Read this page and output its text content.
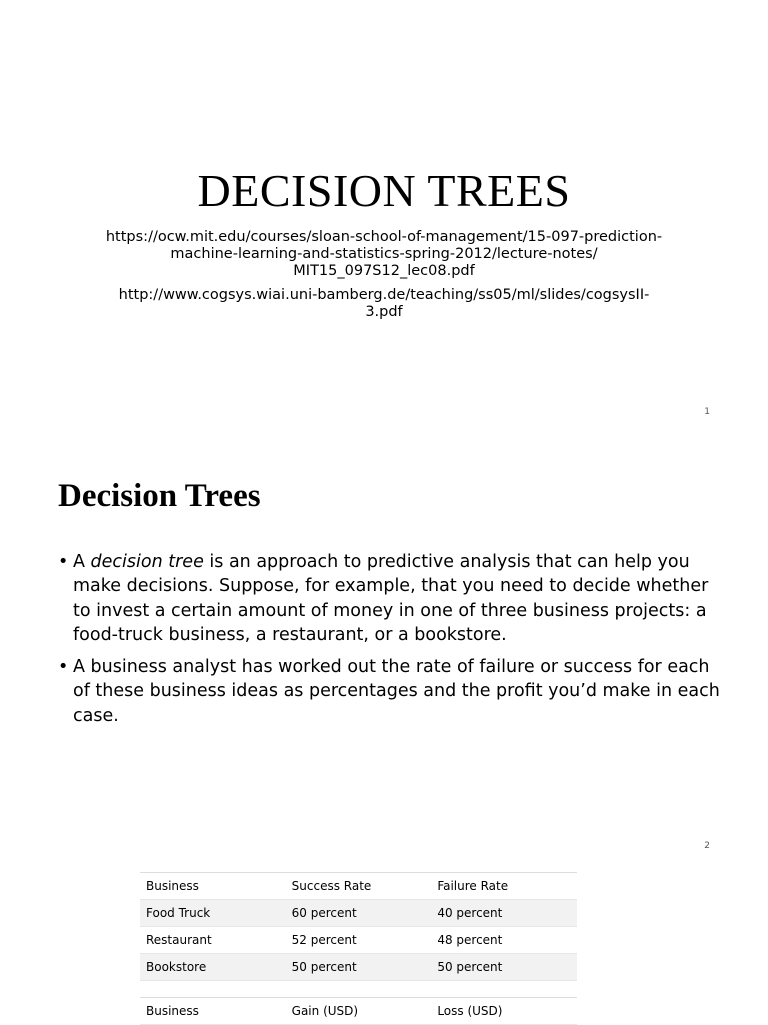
DECISION TREES

https://ocw.mit.edu/courses/sloan-school-of-management/15-097-prediction-
machine-learning-and-statistics-spring-2012/lecture-notes/
MIT15_097S12_lec08.pdf

http://www.cogsys.wiai.uni-bamberg.de/teaching/ss05/ml/slides/cogsysII-
3.pdf

1
Decision Trees
• A decision tree is an approach to predictive analysis that can help you make decisions. Suppose, for example, that you need to decide whether to invest a certain amount of money in one of three business projects: a food-truck business, a restaurant, or a bookstore.
• A business analyst has worked out the rate of failure or success for each of these business ideas as percentages and the profit you’d make in each case.
2
Business	Success Rate	Failure Rate
Food Truck	60 percent	40 percent
Restaurant	52 percent	48 percent
Bookstore	50 percent	50 percent
Business	Gain (USD)	Loss (USD)
